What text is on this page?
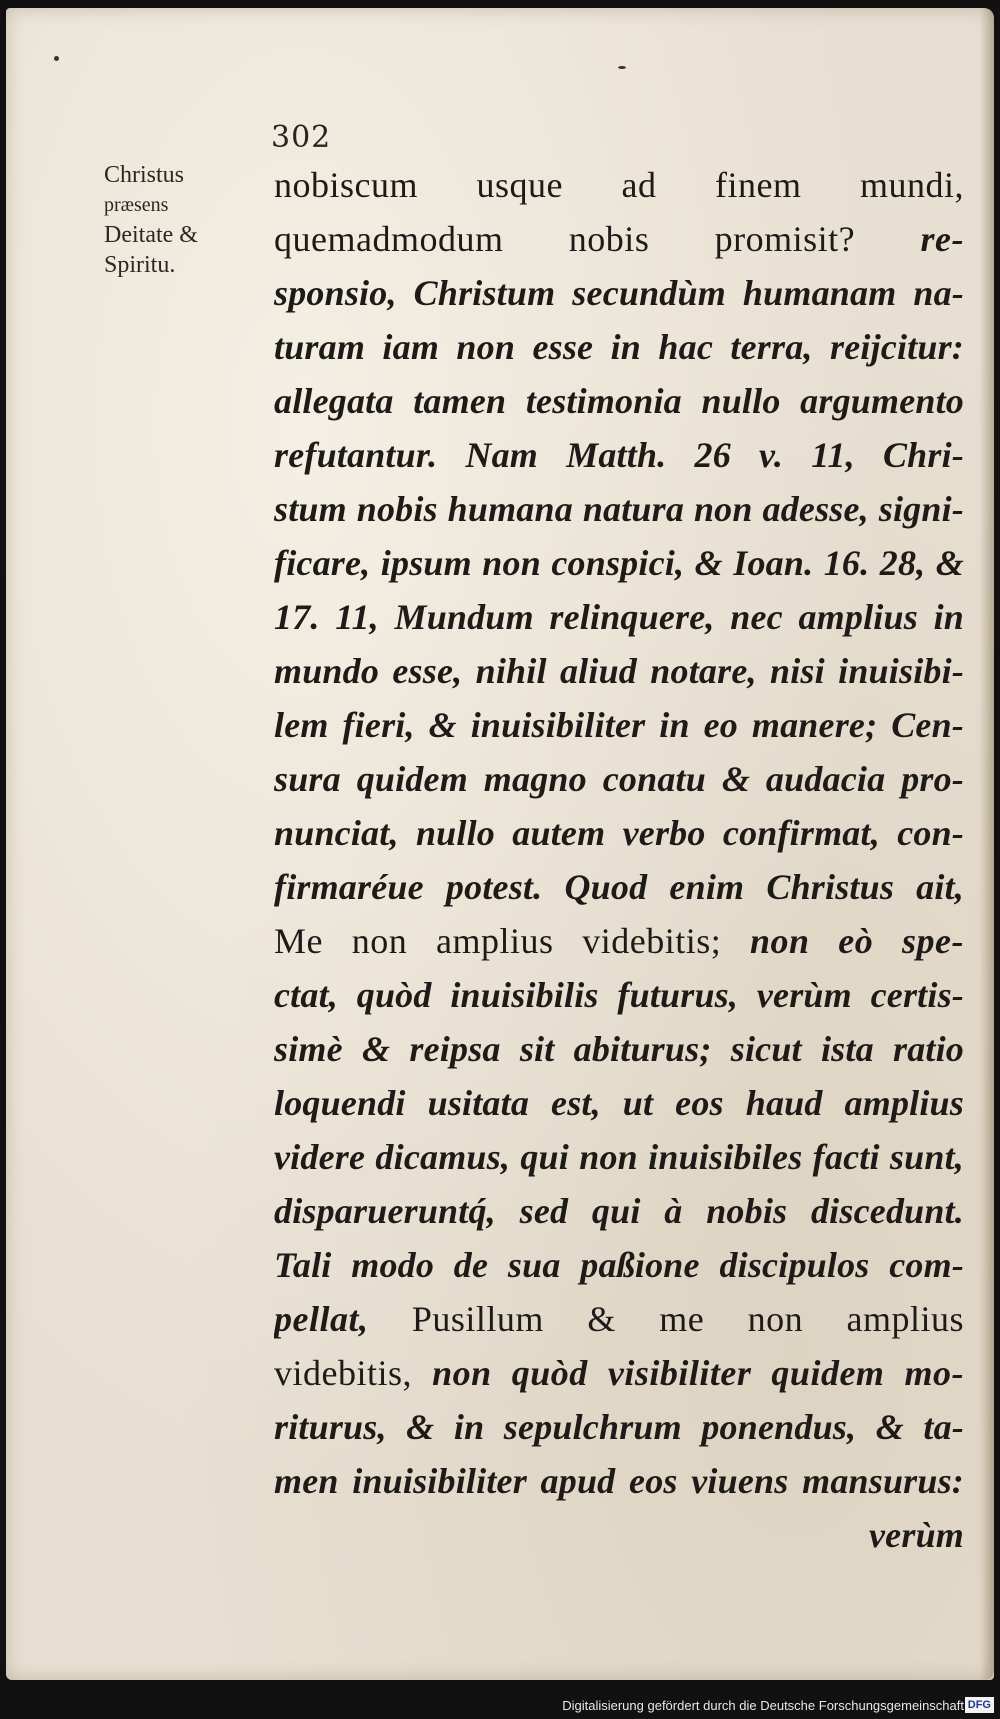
302
Christus
præsens
Deitate &
Spiritu.
nobiscum usque ad finem mundi,
quemadmodum nobis promisit? re-
sponsio, Christum secundùm humanam na-
turam iam non esse in hac terra, reijcitur:
allegata tamen testimonia nullo argumento
refutantur. Nam Matth. 26 v. 11, Chri-
stum nobis humana natura non adesse, signi-
ficare, ipsum non conspici, & Ioan. 16. 28, &
17. 11, Mundum relinquere, nec amplius in
mundo esse, nihil aliud notare, nisi inuisibi-
lem fieri, & inuisibiliter in eo manere; Cen-
sura quidem magno conatu & audacia pro-
nunciat, nullo autem verbo confirmat, con-
firmaréue potest. Quod enim Christus ait,
Me non amplius videbitis; non eò spe-
ctat, quòd inuisibilis futurus, verùm certis-
simè & reipsa sit abiturus; sicut ista ratio
loquendi usitata est, ut eos haud amplius
videre dicamus, qui non inuisibiles facti sunt,
disparueruntq́, sed qui à nobis discedunt.
Tali modo de sua paßione discipulos com-
pellat, Pusillum & me non amplius
videbitis, non quòd visibiliter quidem mo-
riturus, & in sepulchrum ponendus, & ta-
men inuisibiliter apud eos viuens mansurus:
verùm
Digitalisierung gefördert durch die Deutsche Forschungsgemeinschaft DFG
